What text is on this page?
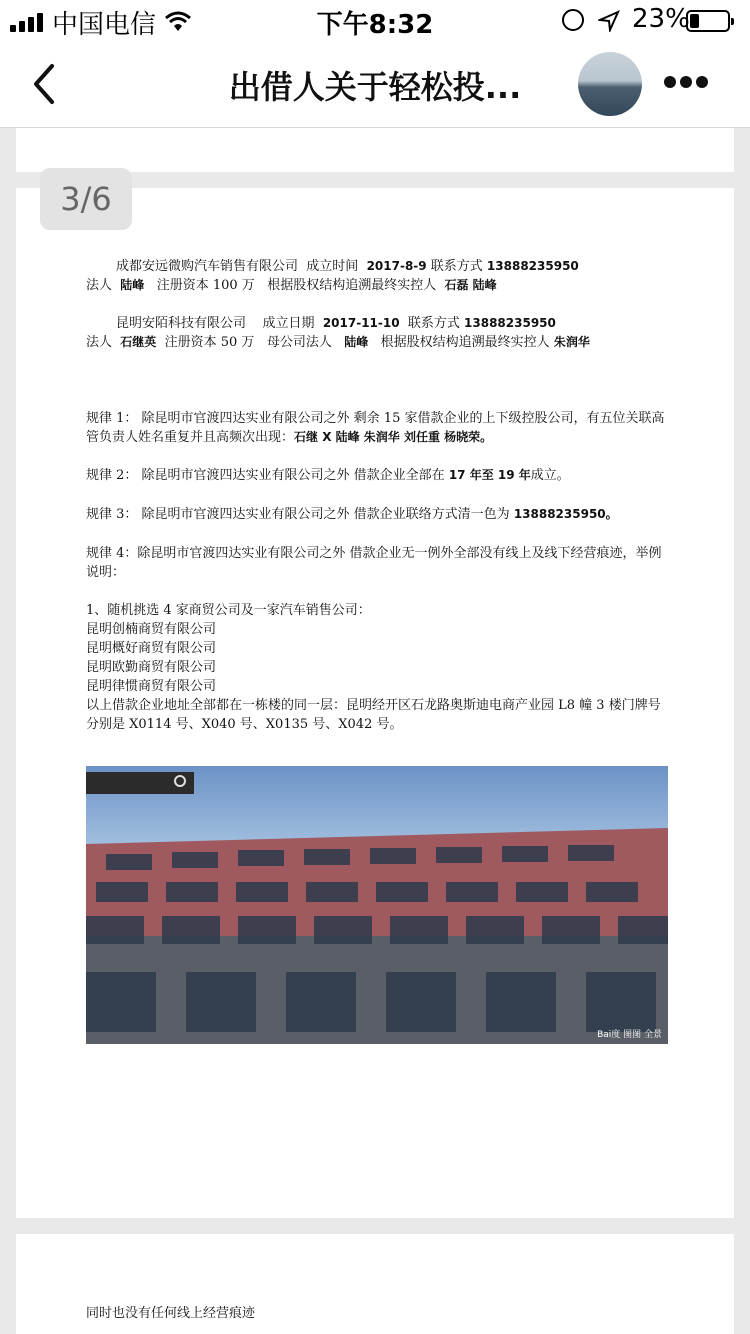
中国电信	下午8:32	23%
出借人关于轻松投...
3/6
成都安远微购汽车销售有限公司 成立时间 2017-8-9 联系方式 13888235950
法人 陆峰 注册资本 100 万 根据股权结构追溯最终实控人 石磊 陆峰
昆明安陌科技有限公司 成立日期 2017-11-10 联系方式 13888235950
法人 石继英 注册资本 50 万 母公司法人 陆峰 根据股权结构追溯最终实控人 朱润华
规律 1： 除昆明市官渡四达实业有限公司之外 剩余 15 家借款企业的上下级控股公司，有五位关联高管负责人姓名重复并且高频次出现：石继 X 陆峰 朱润华 刘任重 杨晓荣。
规律 2： 除昆明市官渡四达实业有限公司之外 借款企业全部在 17 年至 19 年成立。
规律 3： 除昆明市官渡四达实业有限公司之外 借款企业联络方式清一色为 13888235950。
规律 4：除昆明市官渡四达实业有限公司之外 借款企业无一例外全部没有线上及线下经营痕迹，举例说明：
1、随机挑选 4 家商贸公司及一家汽车销售公司：
昆明创楠商贸有限公司
昆明概好商贸有限公司
昆明欧勤商贸有限公司
昆明律惯商贸有限公司
以上借款企业地址全部都在一栋楼的同一层：昆明经开区石龙路奥斯迪电商产业园 L8 幢 3 楼门牌号分别是 X0114 号、X040 号、X0135 号、X042 号。
Bai度 图图 全景
同时也没有任何线上经营痕迹
